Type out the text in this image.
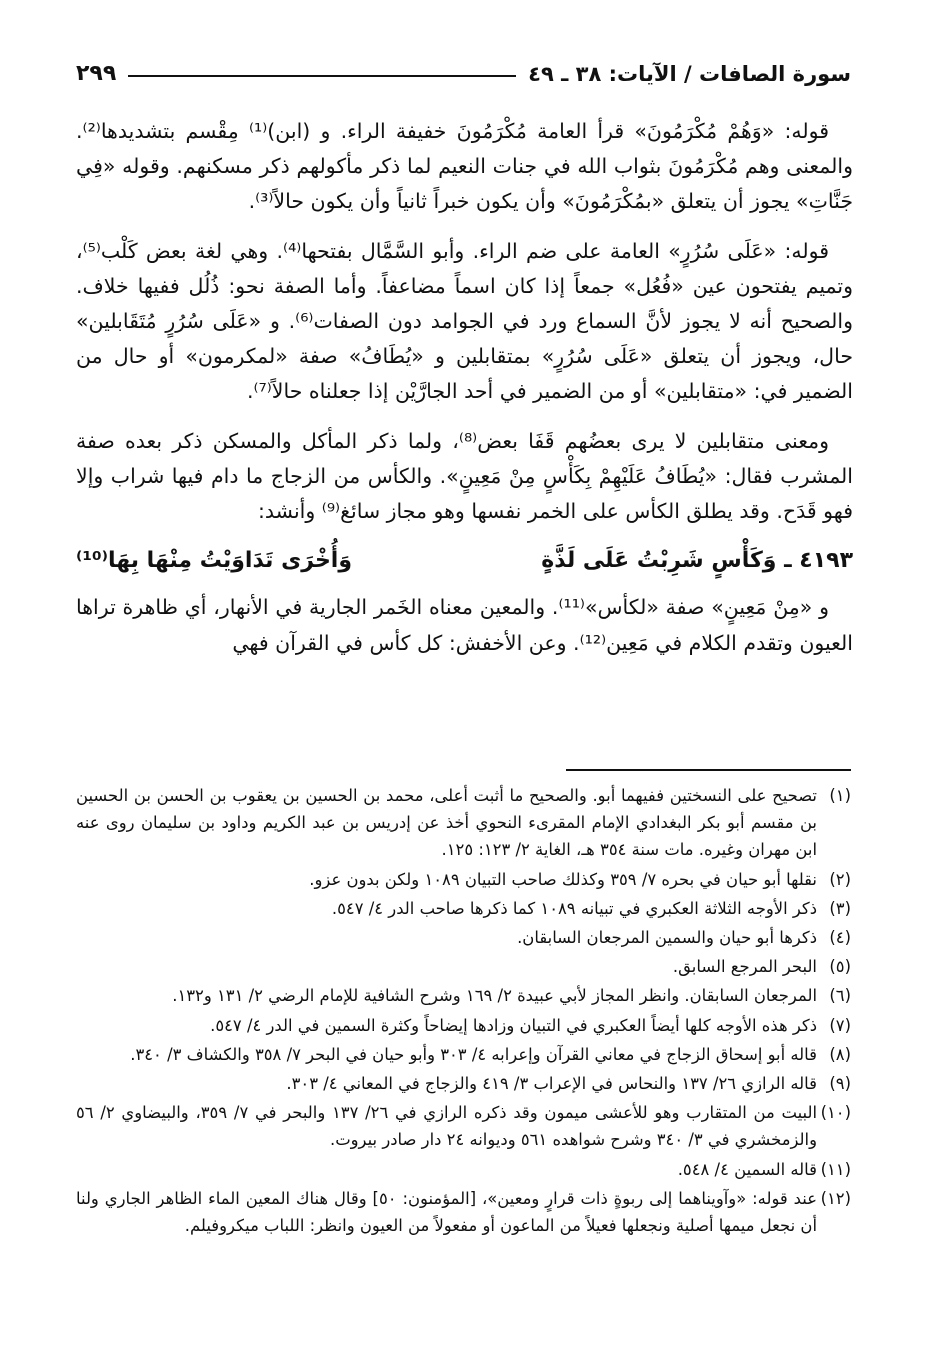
سورة الصافات / الآيات: ٣٨ ـ ٤٩
٢٩٩

قوله: «وَهُمْ مُكْرَمُونَ» قرأ العامة مُكْرَمُونَ خفيفة الراء. و (ابن)⁽¹⁾ مِقْسم بتشديدها⁽²⁾. والمعنى وهم مُكْرَمُونَ بثواب الله في جنات النعيم لما ذكر مأكولهم ذكر مسكنهم. وقوله «فِي جَنَّاتِ» يجوز أن يتعلق «بمُكْرَمُونَ» وأن يكون خبراً ثانياً وأن يكون حالاً⁽³⁾.

قوله: «عَلَى سُرُرٍ» العامة على ضم الراء. وأبو السَّمَّال بفتحها⁽⁴⁾. وهي لغة بعض كَلْب⁽⁵⁾، وتميم يفتحون عين «فُعُل» جمعاً إذا كان اسماً مضاعفاً. وأما الصفة نحو: ذُلُل ففيها خلاف. والصحيح أنه لا يجوز لأنَّ السماع ورد في الجوامد دون الصفات⁽⁶⁾. و «عَلَى سُرُرٍ مُتَقَابلين» حال، ويجوز أن يتعلق «عَلَى سُرُرٍ» بمتقابلين و «يُطَافُ» صفة «لمكرمون» أو حال من الضمير في: «متقابلين» أو من الضمير في أحد الجارَّيْن إذا جعلناه حالاً⁽⁷⁾.

ومعنى متقابلين لا يرى بعضُهم قَفَا بعض⁽⁸⁾، ولما ذكر المأكل والمسكن ذكر بعده صفة المشرب فقال: «يُطَافُ عَلَيْهِمْ بِكَأْسٍ مِنْ مَعِينٍ». والكأس من الزجاج ما دام فيها شراب وإلا فهو قَدَح. وقد يطلق الكأس على الخمر نفسها وهو مجاز سائغ⁽⁹⁾ وأنشد:

٤١٩٣ ـ وَكَأْسٍ شَرِبْتُ عَلَى لَذَّةٍ
وَأُخْرَى تَدَاوَيْتُ مِنْهَا بِهَا⁽¹⁰⁾

و «مِنْ مَعِينٍ» صفة «لكأس»⁽¹¹⁾. والمعين معناه الخَمر الجارية في الأنهار، أي ظاهرة تراها العيون وتقدم الكلام في مَعِين⁽¹²⁾. وعن الأخفش: كل كأس في القرآن فهي

(١)
تصحيح على النسختين ففيهما أبو. والصحيح ما أثبت أعلى، محمد بن الحسين بن يعقوب بن الحسن بن الحسين بن مقسم أبو بكر البغدادي الإمام المقرىء النحوي أخذ عن إدريس بن عبد الكريم وداود بن سليمان روى عنه ابن مهران وغيره. مات سنة ٣٥٤ هـ، الغاية ٢/ ١٢٣: ١٢٥.
(٢)
نقلها أبو حيان في بحره ٧/ ٣٥٩ وكذلك صاحب التبيان ١٠٨٩ ولكن بدون عزو.
(٣)
ذكر الأوجه الثلاثة العكبري في تبيانه ١٠٨٩ كما ذكرها صاحب الدر ٤/ ٥٤٧.
(٤)
ذكرها أبو حيان والسمين المرجعان السابقان.
(٥)
البحر المرجع السابق.
(٦)
المرجعان السابقان. وانظر المجاز لأبي عبيدة ٢/ ١٦٩ وشرح الشافية للإمام الرضي ٢/ ١٣١ و١٣٢.
(٧)
ذكر هذه الأوجه كلها أيضاً العكبري في التبيان وزادها إيضاحاً وكثرة السمين في الدر ٤/ ٥٤٧.
(٨)
قاله أبو إسحاق الزجاج في معاني القرآن وإعرابه ٤/ ٣٠٣ وأبو حيان في البحر ٧/ ٣٥٨ والكشاف ٣/ ٣٤٠.
(٩)
قاله الرازي ٢٦/ ١٣٧ والنحاس في الإعراب ٣/ ٤١٩ والزجاج في المعاني ٤/ ٣٠٣.
(١٠)
البيت من المتقارب وهو للأعشى ميمون وقد ذكره الرازي في ٢٦/ ١٣٧ والبحر في ٧/ ٣٥٩، والبيضاوي ٢/ ٥٦ والزمخشري في ٣/ ٣٤٠ وشرح شواهده ٥٦١ وديوانه ٢٤ دار صادر بيروت.
(١١)
قاله السمين ٤/ ٥٤٨.
(١٢)
عند قوله: «وآويناهما إلى ربوةٍ ذات قرارٍ ومعين»، [المؤمنون: ٥٠] وقال هناك المعين الماء الظاهر الجاري ولنا أن نجعل ميمها أصلية ونجعلها فعيلاً من الماعون أو مفعولاً من العيون وانظر: اللباب ميكروفيلم.
